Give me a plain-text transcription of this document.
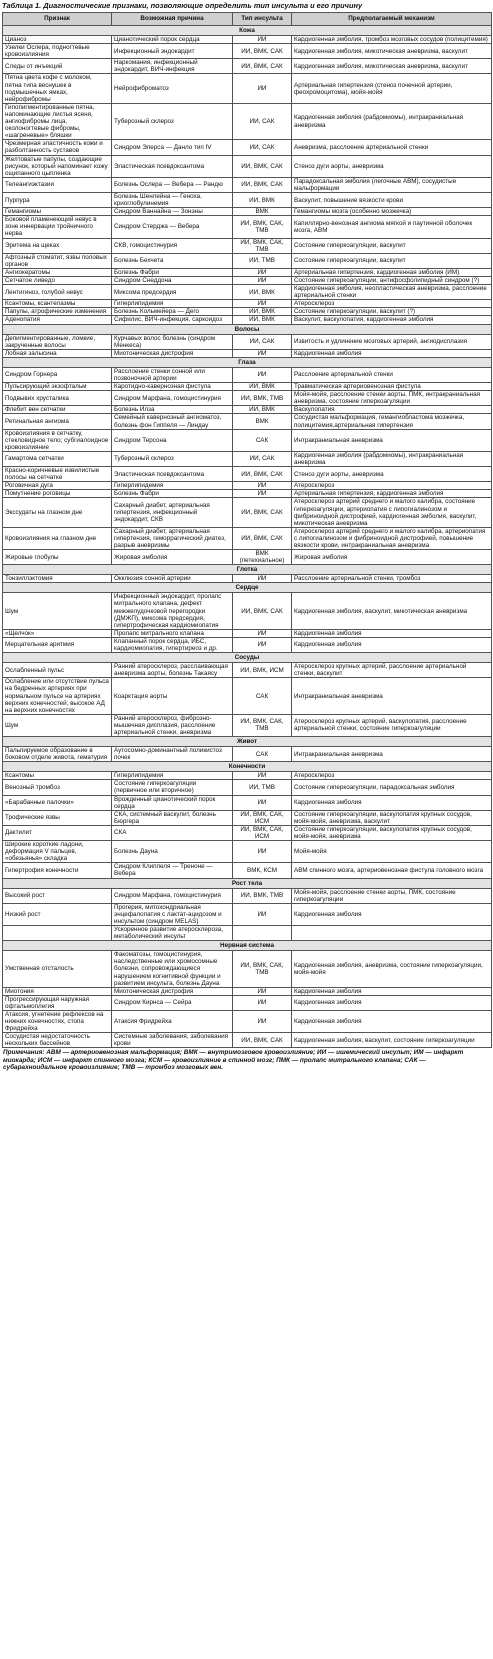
Таблица 1. Диагностические признаки, позволяющие определить тип инсульта и его причину
Признак	Возможная причина	Тип инсульта	Предполагаемый механизм
Кожа			
Цианоз	Цианотический порок сердца	ИИ	Кардиогенная эмболия, тромбоз мозговых сосудов (полицитемия)
Узелки Ослера, подногтевые кровоизлияния	Инфекционный эндокардит	ИИ, ВМК, САК	Кардиогенная эмболия, микотическая аневризма, васкулит
Следы от инъекций	Наркомания, инфекционный эндокардит, ВИЧ-инфекция	ИИ, ВМК, САК	Кардиогенная эмболия, микотическая аневризма, васкулит
Пятна цвета кофе с молоком, пятна типа веснушек в подмышечных ямках, нейрофибромы	Нейрофиброматоз	ИИ	Артериальная гипертензия (стеноз почечной артерии, феохромоцитома), мойя-мойя
Гипопигментированные пятна, напоминающие листья ясеня, ангиофибромы лица, околоногтевые фибромы, «шагреневые» бляшки	Туберозный склероз	ИИ, САК	Кардиогенная эмболия (рабдомиомы), интракраниальная аневризма
Чрезмерная эластичность кожи и разболтанность суставов	Синдром Элерса — Данло тип IV	ИИ, САК	Аневризма, расслоение артериальной стенки
Желтоватые папулы, создающие рисунок, который напоминает кожу ощипанного цыпленка	Эластическая псевдоксантома	ИИ, ВМК, САК	Стеноз дуги аорты, аневризма
Телеангиэктазии	Болезнь Ослера — Вебера — Рандю	ИИ, ВМК, САК	Парадоксальная эмболия (легочные АВМ), сосудистые мальформации
Пурпура	Болезнь Шенлейна — Геноха, криоглобулинемия	ИИ, ВМК	Васкулит, повышение вязкости крови
Гемангиомы	Синдром Ваннайна — Зонэны	ВМК	Гемангиомы мозга (особенно мозжечка)
Боковой пламенеющий невус в зоне иннервации тройничного нерва	Синдром Стерджа — Вебера	ИИ, ВМК, САК, ТМВ	Капиллярно-венозная ангиома мягкой и паутинной оболочек мозга, АВМ
Эритема на щеках	СКВ, гомоцистинурия	ИИ, ВМК, САК, ТМВ	Состояние гиперкоагуляции, васкулит
Афтозный стоматит, язвы половых органов	Болезнь Бехчета	ИИ, ТМВ	Состояние гиперкоагуляции, васкулит
Ангиокератомы	Болезнь Фабри	ИИ	Артериальная гипертензия, кардиогенная эмболия (ИМ)
Сетчатое ливедо	Синдром Снеддона	ИИ	Состояние гиперкоагуляции, антифосфолипидный синдром (?)
Лентигиноз, голубой невус	Миксома предсердия	ИИ, ВМК	Кардиогенная эмболия, неопластическая аневризма, расслоение артериальной стенки
Ксантомы, ксантелазмы	Гиперлипидемия	ИИ	Атеросклероз
Папулы, атрофические изменения	Болезнь Кольмейера — Дего	ИИ, ВМК	Состояние гиперкоагуляции, васкулит (?)
Аденопатия	Сифилис, ВИЧ-инфекция, саркоидоз	ИИ, ВМК	Васкулит, васкулопатия, кардиогенная эмболия
Волосы			
Депигментированные, ломкие, закрученные волосы	Курчавых волос болезнь (синдром Менкеса)	ИИ, САК	Извитость и удлинение мозговых артерий, ангиодисплазия
Лобная залысина	Миотоническая дистрофия	ИИ	Кардиогенная эмболия
Глаза			
Синдром Горнера	Расслоение стенки сонной или позвоночной артерии	ИИ	Расслоение артериальной стенки
Пульсирующий экзофтальм	Каротидно-кавернозная фистула	ИИ, ВМК	Травматическая артериовенозная фистула
Подвывих хрусталика	Синдром Марфана, гомоцистинурия	ИИ, ВМК, ТМВ	Мойя-мойя, расслоение стенки аорты, ПМК, интракраниальная аневризма, состояние гиперкоагуляции
Флебит вен сетчатки	Болезнь Илза	ИИ, ВМК	Васкулопатия
Ретинальная ангиома	Семейный кавернозный ангиоматоз, болезнь фон Гиппеля — Линдау	ВМК	Сосудистая мальформация, гемангиобластома мозжечка, полицитемия,артериальная гипертензия
Кровоизлияния в сетчатку, стекловидное тело; субгиалоидное кровоизлияние	Синдром Терсона	САК	Интракраниальная аневризма
Гамартома сетчатки	Туберозный склероз	ИИ, САК	Кардиогенная эмболия (рабдомиомы), интракраниальная аневризма
Красно-коричневые извилистые полосы на сетчатке	Эластическая псевдоксантома	ИИ, ВМК, САК	Стеноз дуги аорты, аневризма
Роговичная дуга	Гиперлипидемия	ИИ	Атеросклероз
Помутнение роговицы	Болезнь Фабри	ИИ	Артериальная гипертензия, кардиогенная эмболия
Экссудаты на глазном дне	Сахарный диабет, артериальная гипертензия, инфекционный эндокардит, СКВ	ИИ, ВМК, САК	Атеросклероз артерий среднего и малого калибра, состояние гиперкоагуляции, артериопатия с липогиалинозом и фибриноидной дистрофией, кардиогенная эмболия, васкулит, микотическая аневризма
Кровоизлияния на глазном дне	Сахарный диабет, артериальная гипертензия, геморрагический диатез, разрыв аневризмы	ИИ, ВМК, САК	Атеросклероз артерий среднего и малого калибра, артериопатия с липогиалинозом и фибриноидной дистрофией, повышение вязкости крови, интракраниальная аневризма
Жировые глобулы	Жировая эмболия	ВМК (петехиальное)	Жировая эмболия
Глотка			
Тонзиллэктомия	Окклюзия сонной артерии	ИИ	Расслоение артериальной стенки, тромбоз
Сердце			
Шум	Инфекционный эндокардит, пролапс митрального клапана, дефект межжелудочковой перегородки (ДМЖП), миксома предсердия, гипертрофическая кардиомиопатия	ИИ, ВМК, САК	Кардиогенная эмболия, васкулит, микотическая аневризма
«Щелчок»	Пролапс митрального клапана	ИИ	Кардиогенная эмболия
Мерцательная аритмия	Клапанный порок сердца, ИБС, кардиомиопатия, гипертиреоз и др.	ИИ	Кардиогенная эмболия
Сосуды			
Ослабленный пульс	Ранний атеросклероз, расслаивающая аневризма аорты, болезнь Такаясу	ИИ, ВМК, ИСМ	Атеросклероз крупных артерий, расслоение артериальной стенки, васкулит
Ослабление или отсутствие пульса на бедренных артериях при нормальном пульсе на артериях верхних конечностей; высокое АД на верхних конечностях	Коарктация аорты	САК	Интракраниальная аневризма
Шум	Ранний атеросклероз, фиброзно-мышечная дисплазия, расслоение артериальной стенки, аневризма	ИИ, ВМК, САК, ТМВ	Атеросклероз крупных артерий, васкулопатия, расслоение артериальной стенки, состояние гиперкоагуляции
Живот			
Пальпируемое образование в боковом отделе живота, гематурия	Аутосомно-доминантный поликистоз почек	САК	Интракраниальная аневризма
Конечности			
Ксантомы	Гиперлипидемия	ИИ	Атеросклероз
Венозный тромбоз	Состояние гиперкоагуляции (первичное или вторичное)	ИИ, ТМВ	Состояние гиперкоагуляции, парадоксальная эмболия
«Барабанные палочки»	Врожденный цианотический порок сердца	ИИ	Кардиогенная эмболия
Трофические язвы	СКА, системный васкулит, болезнь Бюргера	ИИ, ВМК, САК, ИСМ	Состояние гиперкоагуляции, васкулопатия крупных сосудов, мойя-мойя, аневризма, васкулит
Дактилит	СКА	ИИ, ВМК, САК, ИСМ	Состояние гиперкоагуляции, васкулопатия крупных сосудов, мойя-мойя, аневризма
Широкие короткие ладони, деформация V пальцев, «обезьянья» складка	Болезнь Дауна	ИИ	Мойя-мойя
Гипертрофия конечности	Синдром Клиппеля — Треноне — Вебера	ВМК, КСМ	АВМ спинного мозга, артериовенозная фистула головного мозга
Рост тела			
Высокий рост	Синдром Марфана, гомоцистинурия	ИИ, ВМК, ТМВ	Мойя-мойя, расслоение стенки аорты, ПМК, состояние гиперкоагуляции
Низкий рост	Прогерия, митохондриальная энцефалопатия с лактат-ацидозом и инсультом (синдром MELAS)	ИИ	Кардиогенная эмболия
	Ускоренное развитие атеросклероза, метаболический инсульт		
Нервная система			
Умственная отсталость	Факоматозы, гомоцистинурия, наследственные или хромосомные болезни, сопровождающиеся нарушением когнитивной функции и развитием инсульта, болезнь Дауна	ИИ, ВМК, САК, ТМВ	Кардиогенная эмболия, аневризма, состояние гиперкоагуляции, мойя-мойя
Миотония	Миотоническая дистрофия	ИИ	Кардиогенная эмболия
Прогрессирующая наружная офтальмоплегия	Синдром Кирнса — Сейра	ИИ	Кардиогенная эмболия
Атаксия, угнетение рефлексов на нижних конечностях, стопа Фридрейха	Атаксия Фридрейха	ИИ	Кардиогенная эмболия
Сосудистая недостаточность нескольких бассейнов	Системные заболевания, заболевания крови	ИИ, ВМК, САК	Кардиогенная эмболия, васкулит, состояние гиперкоагуляции
Примечания: АВМ — артериовенозная мальформация; ВМК — внутримозговое кровоизлияние; ИИ — ишемический инсульт; ИМ — инфаркт миокарда; ИСМ — инфаркт спинного мозга; КСМ — кровоизлияние в спинной мозг; ПМК — пролапс митрального клапана; САК — субарахноидальное кровоизлияние; ТМВ — тромбоз мозговых вен.
